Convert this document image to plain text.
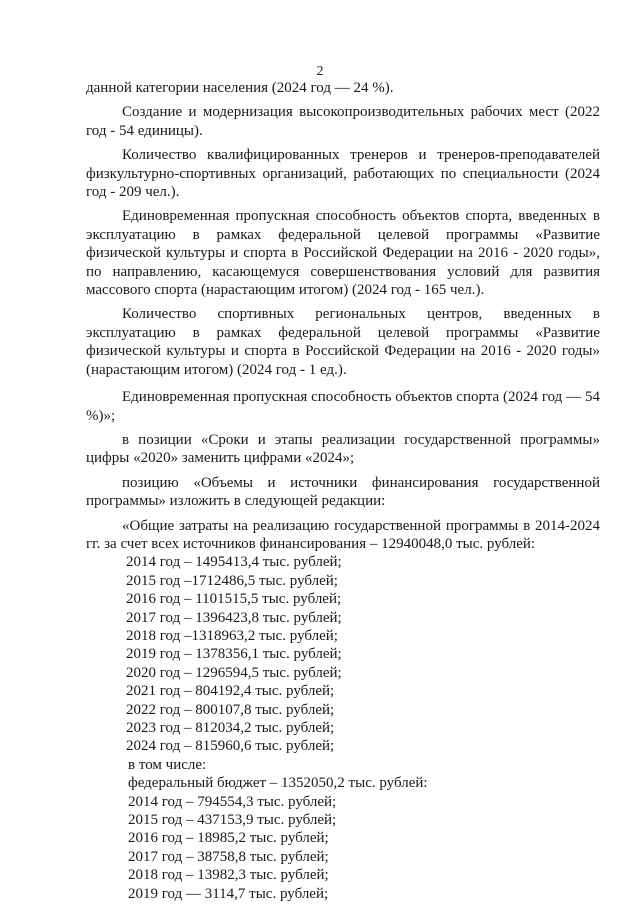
2

данной категории населения (2024 год — 24 %).

Создание и модернизация высокопроизводительных рабочих мест (2022 год - 54 единицы).

Количество квалифицированных тренеров и тренеров-преподавателей физкультурно-спортивных организаций, работающих по специальности (2024 год - 209 чел.).

Единовременная пропускная способность объектов спорта, введенных в эксплуатацию в рамках федеральной целевой программы «Развитие физической культуры и спорта в Российской Федерации на 2016 - 2020 годы», по направлению, касающемуся совершенствования условий для развития массового спорта (нарастающим итогом) (2024 год - 165 чел.).

Количество спортивных региональных центров, введенных в эксплуатацию в рамках федеральной целевой программы «Развитие физической культуры и спорта в Российской Федерации на 2016 - 2020 годы» (нарастающим итогом) (2024 год - 1 ед.).

Единовременная пропускная способность объектов спорта (2024 год — 54 %)»;

в позиции «Сроки и этапы реализации государственной программы» цифры «2020» заменить цифрами «2024»;

позицию «Объемы и источники финансирования государственной программы» изложить в следующей редакции:

«Общие затраты на реализацию государственной программы в 2014-2024 гг. за счет всех источников финансирования – 12940048,0 тыс. рублей:

2014 год – 1495413,4 тыс. рублей;

2015 год –1712486,5 тыс. рублей;

2016 год – 1101515,5 тыс. рублей;

2017 год – 1396423,8 тыс. рублей;

2018 год –1318963,2 тыс. рублей;

2019 год – 1378356,1 тыс. рублей;

2020 год – 1296594,5 тыс. рублей;

2021 год – 804192,4 тыс. рублей;

2022 год – 800107,8 тыс. рублей;

2023 год – 812034,2 тыс. рублей;

2024 год – 815960,6 тыс. рублей;

в том числе:

федеральный бюджет – 1352050,2 тыс. рублей:

2014 год – 794554,3 тыс. рублей;

2015 год – 437153,9 тыс. рублей;

2016 год – 18985,2 тыс. рублей;

2017 год – 38758,8 тыс. рублей;

2018 год – 13982,3 тыс. рублей;

2019 год — 3114,7 тыс. рублей;
